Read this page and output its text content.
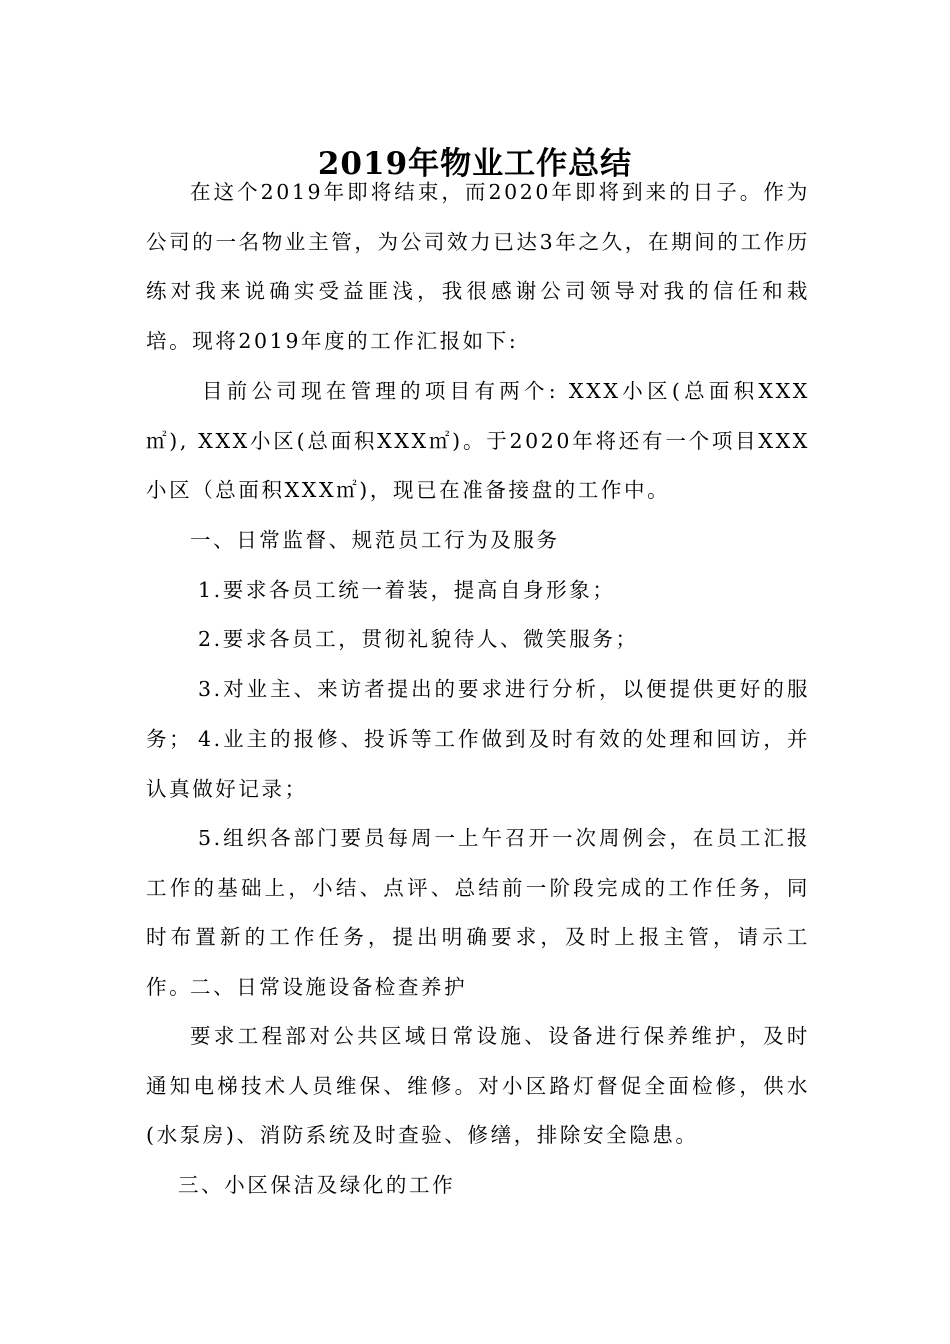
2019年物业工作总结

在这个2019年即将结束，而2020年即将到来的日子。作为公司的一名物业主管，为公司效力已达3年之久，在期间的工作历练对我来说确实受益匪浅，我很感谢公司领导对我的信任和栽培。现将2019年度的工作汇报如下:

目前公司现在管理的项目有两个: XXX小区(总面积XXX㎡), XXX小区(总面积XXX㎡)。于2020年将还有一个项目XXX小区（总面积XXX㎡)，现已在准备接盘的工作中。

一、日常监督、规范员工行为及服务

1.要求各员工统一着装，提高自身形象；

2.要求各员工，贯彻礼貌待人、微笑服务；

3.对业主、来访者提出的要求进行分析，以便提供更好的服务； 4.业主的报修、投诉等工作做到及时有效的处理和回访，并认真做好记录；

5.组织各部门要员每周一上午召开一次周例会，在员工汇报工作的基础上，小结、点评、总结前一阶段完成的工作任务，同时布置新的工作任务，提出明确要求，及时上报主管，请示工作。

二、日常设施设备检查养护

要求工程部对公共区域日常设施、设备进行保养维护，及时通知电梯技术人员维保、维修。对小区路灯督促全面检修，供水(水泵房)、消防系统及时查验、修缮，排除安全隐患。

三、小区保洁及绿化的工作
